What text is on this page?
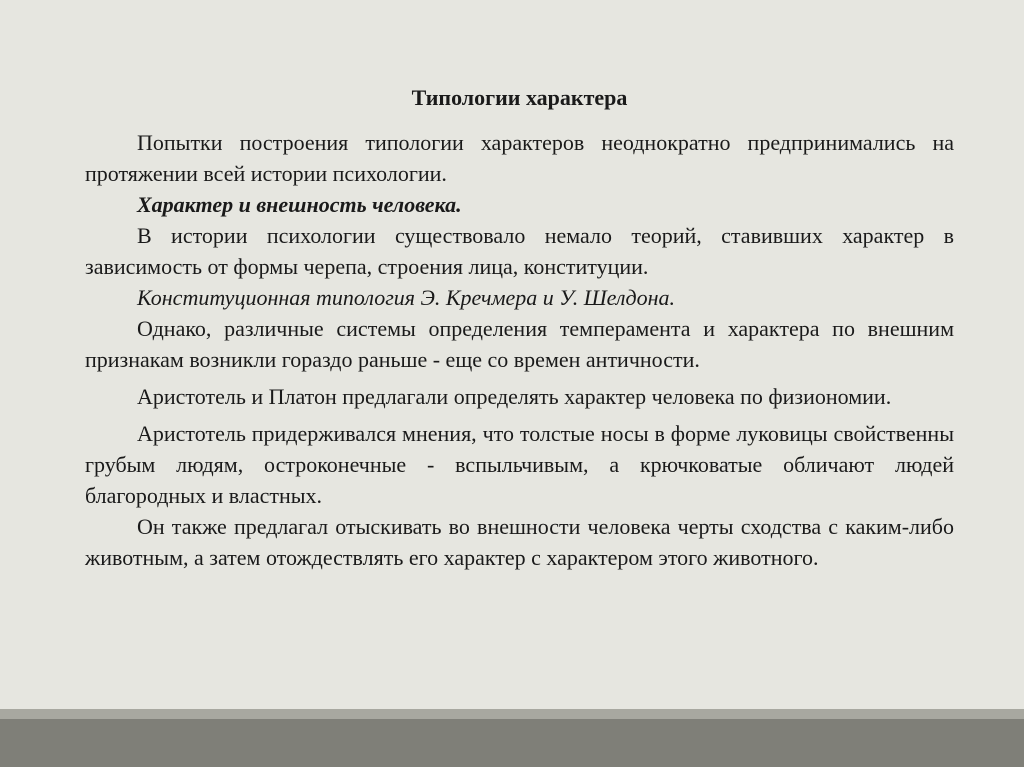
Типологии характера

Попытки построения типологии характеров неоднократно предпринимались на протяжении всей истории психологии.

Характер и внешность человека.

В истории психологии существовало немало теорий, ставивших характер в зависимость от формы черепа, строения лица, конституции.

Конституционная типология Э. Кречмера и У. Шелдона.

Однако, различные системы определения темперамента и характера по внешним признакам возникли гораздо раньше - еще со времен античности.

Аристотель и Платон предлагали определять характер человека по физиономии.

Аристотель придерживался мнения, что толстые носы в форме луковицы свойственны грубым людям, остроконечные - вспыльчивым, а крючковатые обличают людей благородных и властных.

Он также предлагал отыскивать во внешности человека черты сходства с каким-либо животным, а затем отождествлять его характер с характером этого животного.
